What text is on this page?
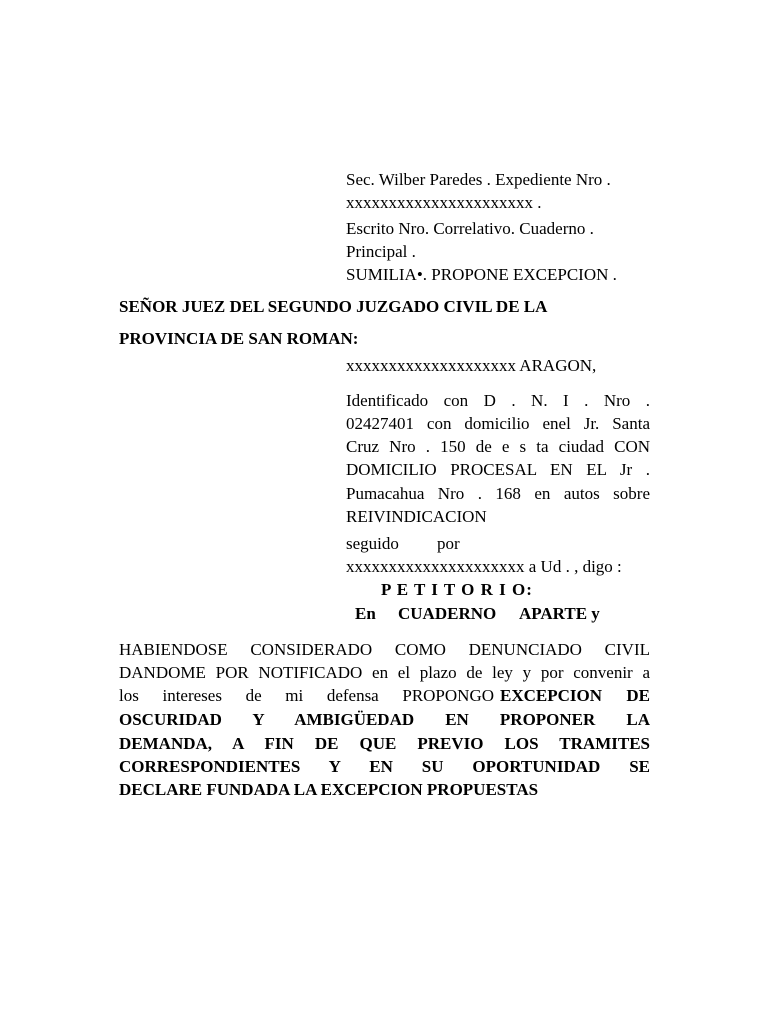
Sec. Wilber Paredes . Expediente Nro .
xxxxxxxxxxxxxxxxxxxxxx .
Escrito Nro. Correlativo. Cuaderno .
Principal .
SUMILIA•. PROPONE EXCEPCION .
SEÑOR JUEZ DEL SEGUNDO JUZGADO CIVIL DE LA
PROVINCIA DE SAN ROMAN:
xxxxxxxxxxxxxxxxxxxx ARAGON,
Identificado con D . N. I . Nro .
02427401 con domicilio enel Jr. Santa
Cruz Nro . 150 de e s ta ciudad CON
DOMICILIO PROCESAL EN EL Jr .
Pumacahua Nro . 168 en autos sobre
REIVINDICACION
seguido por
xxxxxxxxxxxxxxxxxxxxx a Ud . , digo :
P E T I T O R I O:
En CUADERNO APARTE y
HABIENDOSE CONSIDERADO COMO DENUNCIADO CIVIL
DANDOME POR NOTIFICADO en el plazo de ley y por convenir a
los intereses de mi defensa PROPONGO EXCEPCION DE
OSCURIDAD Y AMBIGÜEDAD EN PROPONER LA
DEMANDA, A FIN DE QUE PREVIO LOS TRAMITES
CORRESPONDIENTES Y EN SU OPORTUNIDAD SE
DECLARE FUNDADA LA EXCEPCION PROPUESTAS
